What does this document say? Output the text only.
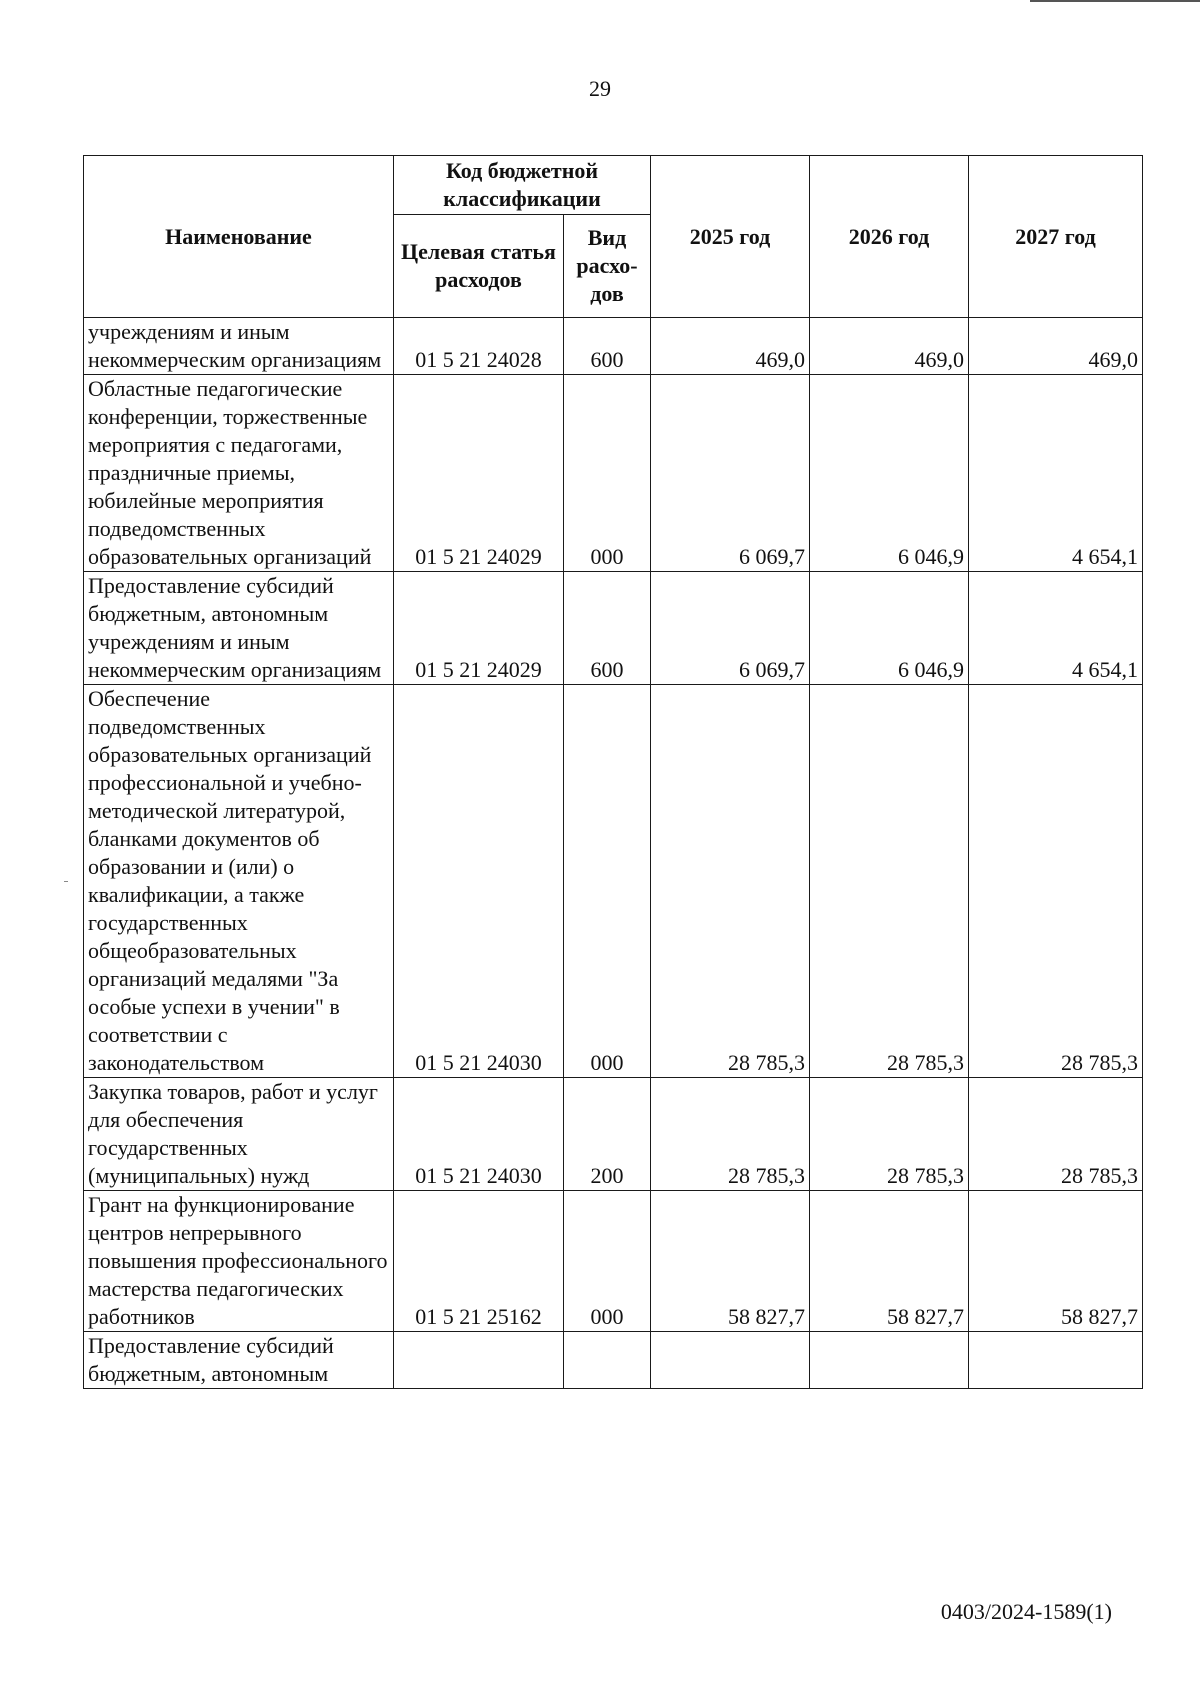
29
Наименование	Код бюджетной классификации		2025 год	2026 год	2027 год
	Целевая статья расходов	Вид расхо-дов			
учреждениям и иным некоммерческим организациям	01 5 21 24028	600	469,0	469,0	469,0
Областные педагогические конференции, торжественные мероприятия с педагогами, праздничные приемы, юбилейные мероприятия подведомственных образовательных организаций	01 5 21 24029	000	6 069,7	6 046,9	4 654,1
Предоставление субсидий бюджетным, автономным учреждениям и иным некоммерческим организациям	01 5 21 24029	600	6 069,7	6 046,9	4 654,1
Обеспечение подведомственных образовательных организаций профессиональной и учебно-методической литературой, бланками документов об образовании и (или) о квалификации, а также государственных общеобразовательных организаций медалями "За особые успехи в учении" в соответствии с законодательством	01 5 21 24030	000	28 785,3	28 785,3	28 785,3
Закупка товаров, работ и услуг для обеспечения государственных (муниципальных) нужд	01 5 21 24030	200	28 785,3	28 785,3	28 785,3
Грант на функционирование центров непрерывного повышения профессионального мастерства педагогических работников	01 5 21 25162	000	58 827,7	58 827,7	58 827,7
Предоставление субсидий бюджетным, автономным					
0403/2024-1589(1)
